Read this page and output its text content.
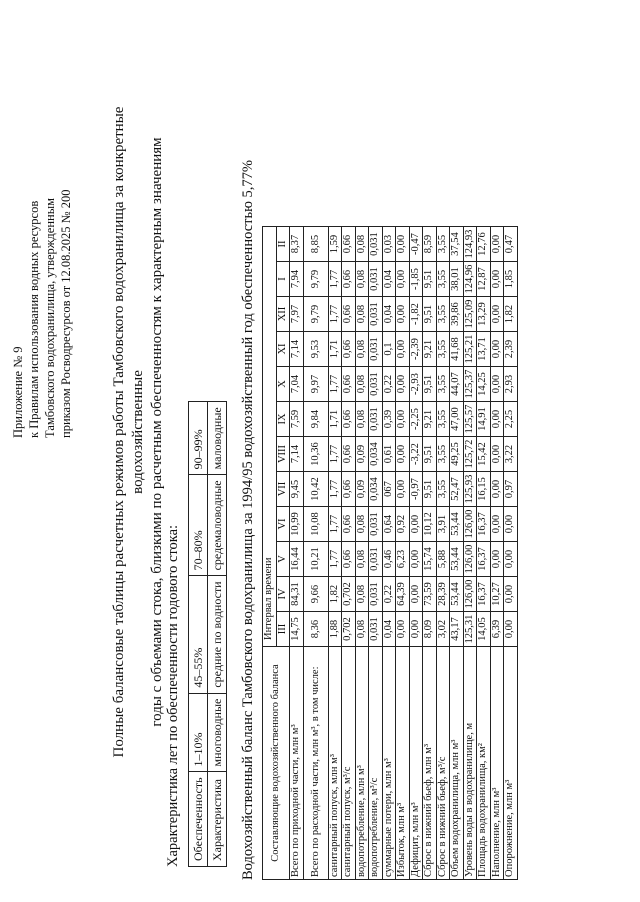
Приложение № 9 к Правилам использования водных ресурсов Тамбовского водохранилища, утвержденным приказом Росводресурсов от 12.08.2025 № 200	Полные балансовые таблицы расчетных режимов работы Тамбовского водохранилища за конкретные водохозяйственные годы с объемами стока, близкими по расчетным обеспеченностям к характерным значениям Характеристика лет по обеспеченности годового стока: Обеспеченность	1–10%	45–55%	70–80%	90–99%
Характеристика	многоводные	средние по водности	средемаловодные	маловодные Водохозяйственный баланс Тамбовского водохранилища за 1994/95 водохозяйственный год обеспеченностью 5,77% Составляющие водохозяйственного баланса	Интервал времени											
	III	IV	V	VI	VII	VIII	IX	X	XI	XII	I	II
Всего по приходной части, млн м³	14,75	84,31	16,44	10,99	9,45	7,14	7,59	7,04	7,14	7,97	7,94	8,37
Всего по расходной части, млн м³, в том числе:	8,36	9,66	10,21	10,08	10,42	10,36	9,84	9,97	9,53	9,79	9,79	8,85
санитарный попуск, млн м³	1,88	1,82	1,77	1,77	1,77	1,77	1,71	1,77	1,71	1,77	1,77	1,59
санитарный попуск, м³/с	0,702	0,702	0,66	0,66	0,66	0,66	0,66	0,66	0,66	0,66	0,66	0,66
водопотребление, млн м³	0,08	0,08	0,08	0,08	0,09	0,09	0,08	0,08	0,08	0,08	0,08	0,08
водопотребление, м³/с	0,031	0,031	0,031	0,031	0,034	0,034	0,031	0,031	0,031	0,031	0,031	0,031
суммарные потери, млн м³	0,04	0,22	0,46	0,64	067	0,61	0,39	0,22	0,1	0,04	0,04	0,03
Избыток, млн м³	0,00	64,39	6,23	0,92	0,00	0,00	0,00	0,00	0,00	0,00	0,00	0,00
Дефицит, млн м³	0,00	0,00	0,00	0,00	-0,97	-3,22	-2,25	-2,93	-2,39	-1,82	-1,85	-0,47
Сброс в нижний бьеф, млн м³	8,09	73,59	15,74	10,12	9,51	9,51	9,21	9,51	9,21	9,51	9,51	8,59
Сброс в нижний бьеф, м³/с	3,02	28,39	5,88	3,91	3,55	3,55	3,55	3,55	3,55	3,55	3,55	3,55
Объем водохранилища, млн м³	43,17	53,44	53,44	53,44	52,47	49,25	47,00	44,07	41,68	39,86	38,01	37,54
Уровень воды в водохранилище, м	125,31	126,00	126,00	126,00	125,93	125,72	125,57	125,37	125,21	125,09	124,96	124,93
Площадь водохранилища, км²	14,05	16,37	16,37	16,37	16,15	15,42	14,91	14,25	13,71	13,29	12,87	12,76
Наполнение, млн м³	6,39	10,27	0,00	0,00	0,00	0,00	0,00	0,00	0,00	0,00	0,00	0,00
Опорожнение, млн м³	0,00	0,00	0,00	0,00	0,97	3,22	2,25	2,93	2,39	1,82	1,85	0,47
